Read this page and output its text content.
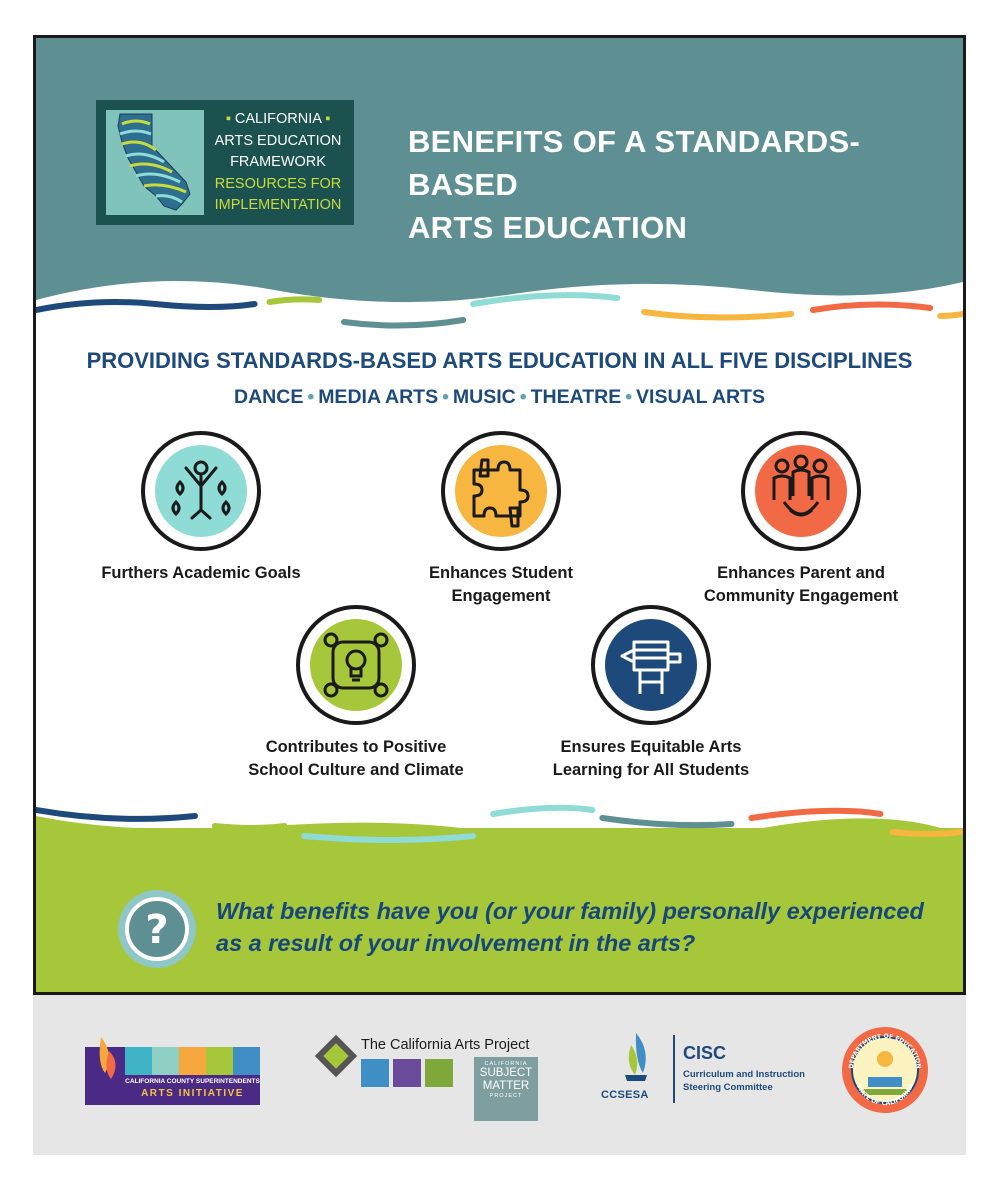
▪ CALIFORNIA ▪
ARTS EDUCATION
FRAMEWORK
RESOURCES FOR
IMPLEMENTATION
BENEFITS OF A STANDARDS-BASED
ARTS EDUCATION
PROVIDING STANDARDS-BASED ARTS EDUCATION IN ALL FIVE DISCIPLINES
DANCE • MEDIA ARTS • MUSIC • THEATRE • VISUAL ARTS
Furthers Academic Goals	Enhances Student
Engagement
Enhances Parent and
Community Engagement
Contributes to Positive
School Culture and Climate
Ensures Equitable Arts
Learning for All Students
? What benefits have you (or your family) personally experienced as a result of your involvement in the arts?
CALIFORNIA COUNTY SUPERINTENDENTS
ARTS INITIATIVE
The California Arts Project
CALIFORNIA
SUBJECT
MATTER
PROJECT	CCSESA
CISC
Curriculum and Instruction
Steering Committee
DEPARTMENT OF EDUCATION
STATE OF CALIFORNIA
